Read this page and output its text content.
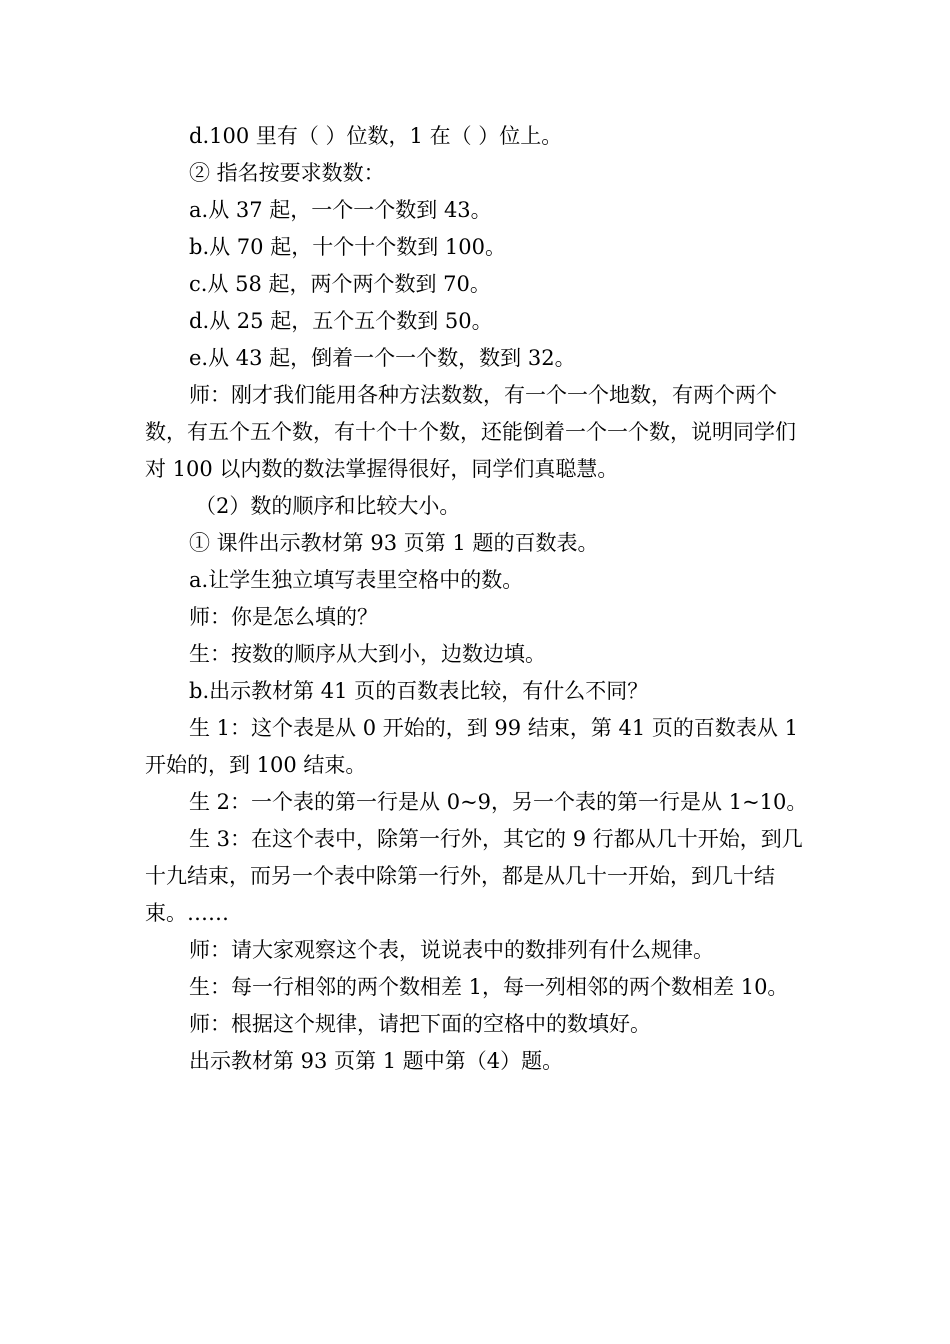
d.100 里有（ ）位数，1 在（ ）位上。

② 指名按要求数数：

a.从 37 起，一个一个数到 43。

b.从 70 起，十个十个数到 100。

c.从 58 起，两个两个数到 70。

d.从 25 起，五个五个数到 50。

e.从 43 起，倒着一个一个数，数到 32。

师：刚才我们能用各种方法数数，有一个一个地数，有两个两个数，有五个五个数，有十个十个数，还能倒着一个一个数，说明同学们对 100 以内数的数法掌握得很好，同学们真聪慧。

（2）数的顺序和比较大小。

① 课件出示教材第 93 页第 1 题的百数表。

a.让学生独立填写表里空格中的数。

师：你是怎么填的？

生：按数的顺序从大到小，边数边填。

b.出示教材第 41 页的百数表比较，有什么不同？

生 1：这个表是从 0 开始的，到 99 结束，第 41 页的百数表从 1 开始的，到 100 结束。

生 2：一个表的第一行是从 0~9，另一个表的第一行是从 1~10。

生 3：在这个表中，除第一行外，其它的 9 行都从几十开始，到几十九结束，而另一个表中除第一行外，都是从几十一开始，到几十结束。……

师：请大家观察这个表，说说表中的数排列有什么规律。

生：每一行相邻的两个数相差 1，每一列相邻的两个数相差 10。

师：根据这个规律，请把下面的空格中的数填好。

出示教材第 93 页第 1 题中第（4）题。
